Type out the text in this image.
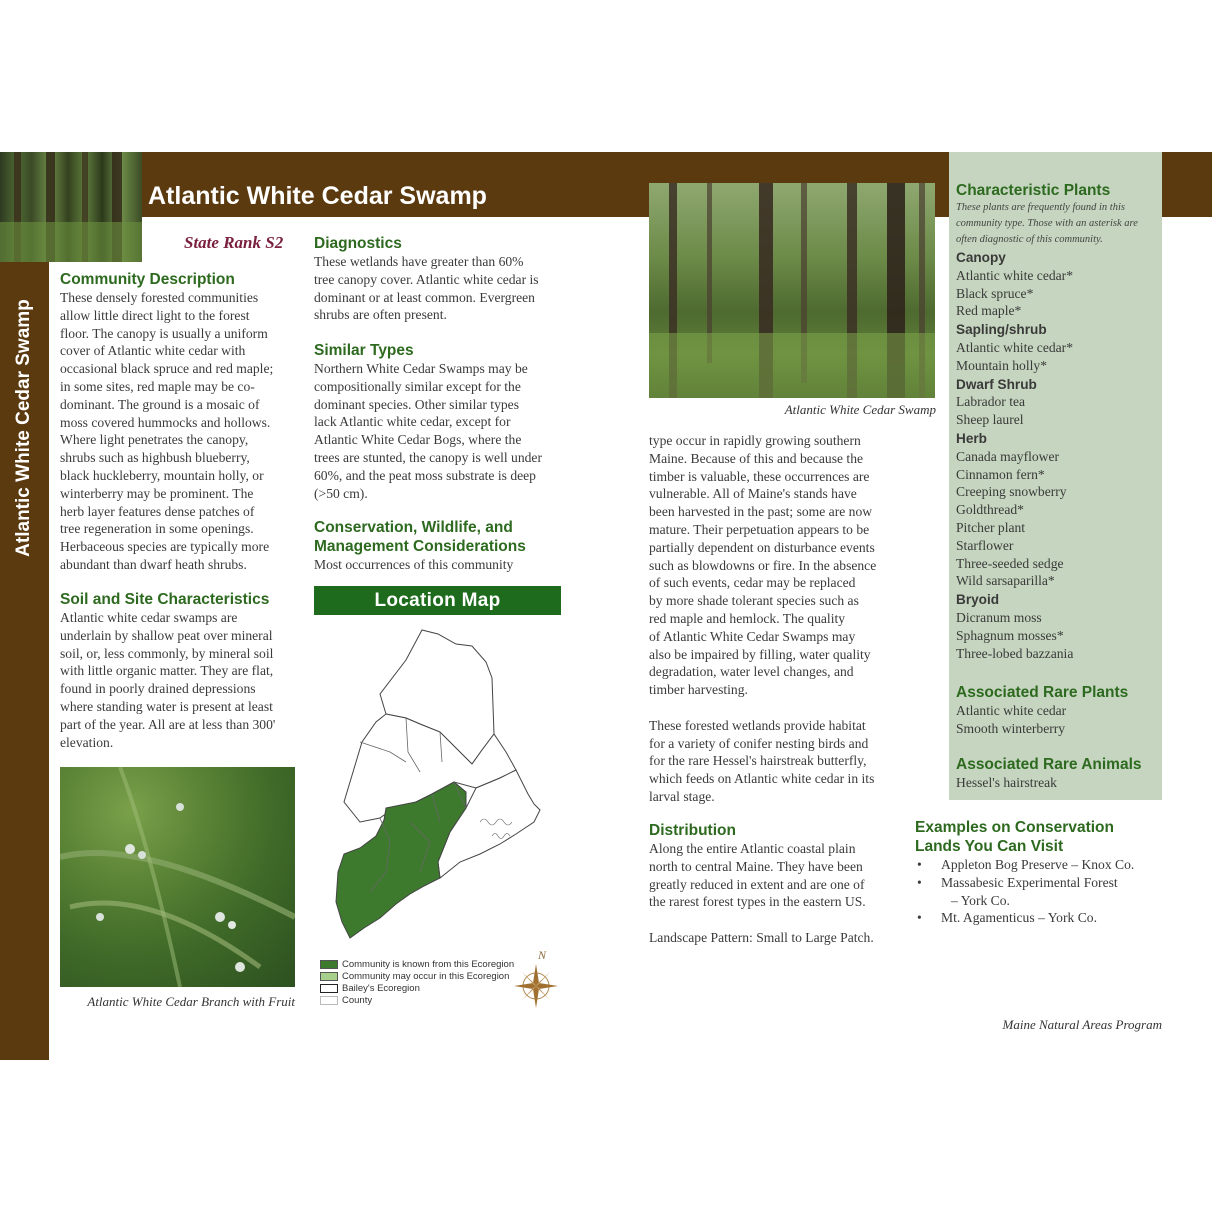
Atlantic White Cedar Swamp
Atlantic White Cedar Swamp
State Rank S2
Community Description
These densely forested communities
allow little direct light to the forest
floor. The canopy is usually a uniform
cover of Atlantic white cedar with
occasional black spruce and red maple;
in some sites, red maple may be co-
dominant. The ground is a mosaic of
moss covered hummocks and hollows.
Where light penetrates the canopy,
shrubs such as highbush blueberry,
black huckleberry, mountain holly, or
winterberry may be prominent. The
herb layer features dense patches of
tree regeneration in some openings.
Herbaceous species are typically more
abundant than dwarf heath shrubs.
Soil and Site Characteristics
Atlantic white cedar swamps are
underlain by shallow peat over mineral
soil, or, less commonly, by mineral soil
with little organic matter. They are flat,
found in poorly drained depressions
where standing water is present at least
part of the year. All are at less than 300'
elevation.
Atlantic White Cedar Branch with Fruit
Diagnostics
These wetlands have greater than 60%
tree canopy cover. Atlantic white cedar is
dominant or at least common. Evergreen
shrubs are often present.
Similar Types
Northern White Cedar Swamps may be
compositionally similar except for the
dominant species. Other similar types
lack Atlantic white cedar, except for
Atlantic White Cedar Bogs, where the
trees are stunted, the canopy is well under
60%, and the peat moss substrate is deep
(>50 cm).
Conservation, Wildlife, and
Management Considerations
Most occurrences of this community
Location Map
Community is known from this Ecoregion
Community may occur in this Ecoregion
Bailey's Ecoregion
County
N
Atlantic White Cedar Swamp
type occur in rapidly growing southern
Maine. Because of this and because the
timber is valuable, these occurrences are
vulnerable. All of Maine's stands have
been harvested in the past; some are now
mature. Their perpetuation appears to be
partially dependent on disturbance events
such as blowdowns or fire. In the absence
of such events, cedar may be replaced
by more shade tolerant species such as
red maple and hemlock. The quality
of Atlantic White Cedar Swamps may
also be impaired by filling, water quality
degradation, water level changes, and
timber harvesting.
These forested wetlands provide habitat
for a variety of conifer nesting birds and
for the rare Hessel's hairstreak butterfly,
which feeds on Atlantic white cedar in its
larval stage.
Distribution
Along the entire Atlantic coastal plain
north to central Maine. They have been
greatly reduced in extent and are one of
the rarest forest types in the eastern US.
Landscape Pattern: Small to Large Patch.
Characteristic Plants
These plants are frequently found in this
community type. Those with an asterisk are
often diagnostic of this community.
Canopy
Atlantic white cedar*
Black spruce*
Red maple*
Sapling/shrub
Atlantic white cedar*
Mountain holly*
Dwarf Shrub
Labrador tea
Sheep laurel
Herb
Canada mayflower
Cinnamon fern*
Creeping snowberry
Goldthread*
Pitcher plant
Starflower
Three-seeded sedge
Wild sarsaparilla*
Bryoid
Dicranum moss
Sphagnum mosses*
Three-lobed bazzania
Associated Rare Plants
Atlantic white cedar
Smooth winterberry
Associated Rare Animals
Hessel's hairstreak
Examples on Conservation
Lands You Can Visit
• Appleton Bog Preserve – Knox Co.
• Massabesic Experimental Forest
– York Co.
• Mt. Agamenticus – York Co.
Maine Natural Areas Program
